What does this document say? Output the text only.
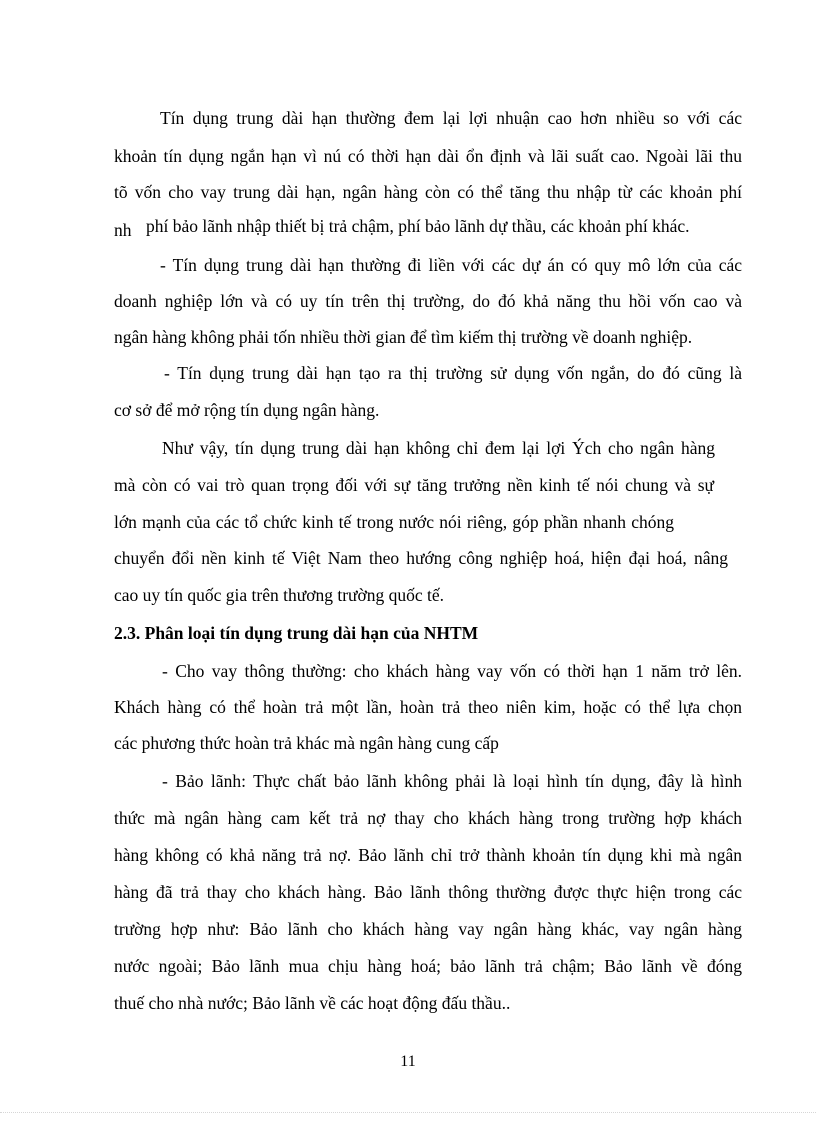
Tín dụng trung dài hạn thường đem lại lợi nhuận cao hơn nhiều so với các
khoản tín dụng ngắn hạn vì nú có thời hạn dài ổn định và lãi suất cao. Ngoài lãi thu
tõ vốn cho vay trung dài hạn, ngân hàng còn có thể tăng thu nhập từ các khoản phí
nh phí bảo lãnh nhập thiết bị trả chậm, phí bảo lãnh dự thầu, các khoản phí khác.
- Tín dụng trung dài hạn thường đi liền với các dự án có quy mô lớn của các
doanh nghiệp lớn và có uy tín trên thị trường, do đó khả năng thu hồi vốn cao và
ngân hàng không phải tốn nhiều thời gian để tìm kiếm thị trường về doanh nghiệp.
- Tín dụng trung dài hạn tạo ra thị trường sử dụng vốn ngắn, do đó cũng là
cơ sở để mở rộng tín dụng ngân hàng.
Như vậy, tín dụng trung dài hạn không chỉ đem lại lợi Ých cho ngân hàng
mà còn có vai trò quan trọng đối với sự tăng trưởng nền kinh tế nói chung và sự
lớn mạnh của các tổ chức kinh tế trong nước nói riêng, góp phần nhanh chóng
chuyển đổi nền kinh tế Việt Nam theo hướng công nghiệp hoá, hiện đại hoá, nâng
cao uy tín quốc gia trên thương trường quốc tế.
2.3. Phân loại tín dụng trung dài hạn của NHTM
- Cho vay thông thường: cho khách hàng vay vốn có thời hạn 1 năm trở lên.
Khách hàng có thể hoàn trả một lần, hoàn trả theo niên kim, hoặc có thể lựa chọn
các phương thức hoàn trả khác mà ngân hàng cung cấp
- Bảo lãnh: Thực chất bảo lãnh không phải là loại hình tín dụng, đây là hình
thức mà ngân hàng cam kết trả nợ thay cho khách hàng trong trường hợp khách
hàng không có khả năng trả nợ. Bảo lãnh chỉ trở thành khoản tín dụng khi mà ngân
hàng đã trả thay cho khách hàng. Bảo lãnh thông thường được thực hiện trong các
trường hợp như: Bảo lãnh cho khách hàng vay ngân hàng khác, vay ngân hàng
nước ngoài; Bảo lãnh mua chịu hàng hoá; bảo lãnh trả chậm; Bảo lãnh về đóng
thuế cho nhà nước; Bảo lãnh về các hoạt động đấu thầu..
11
